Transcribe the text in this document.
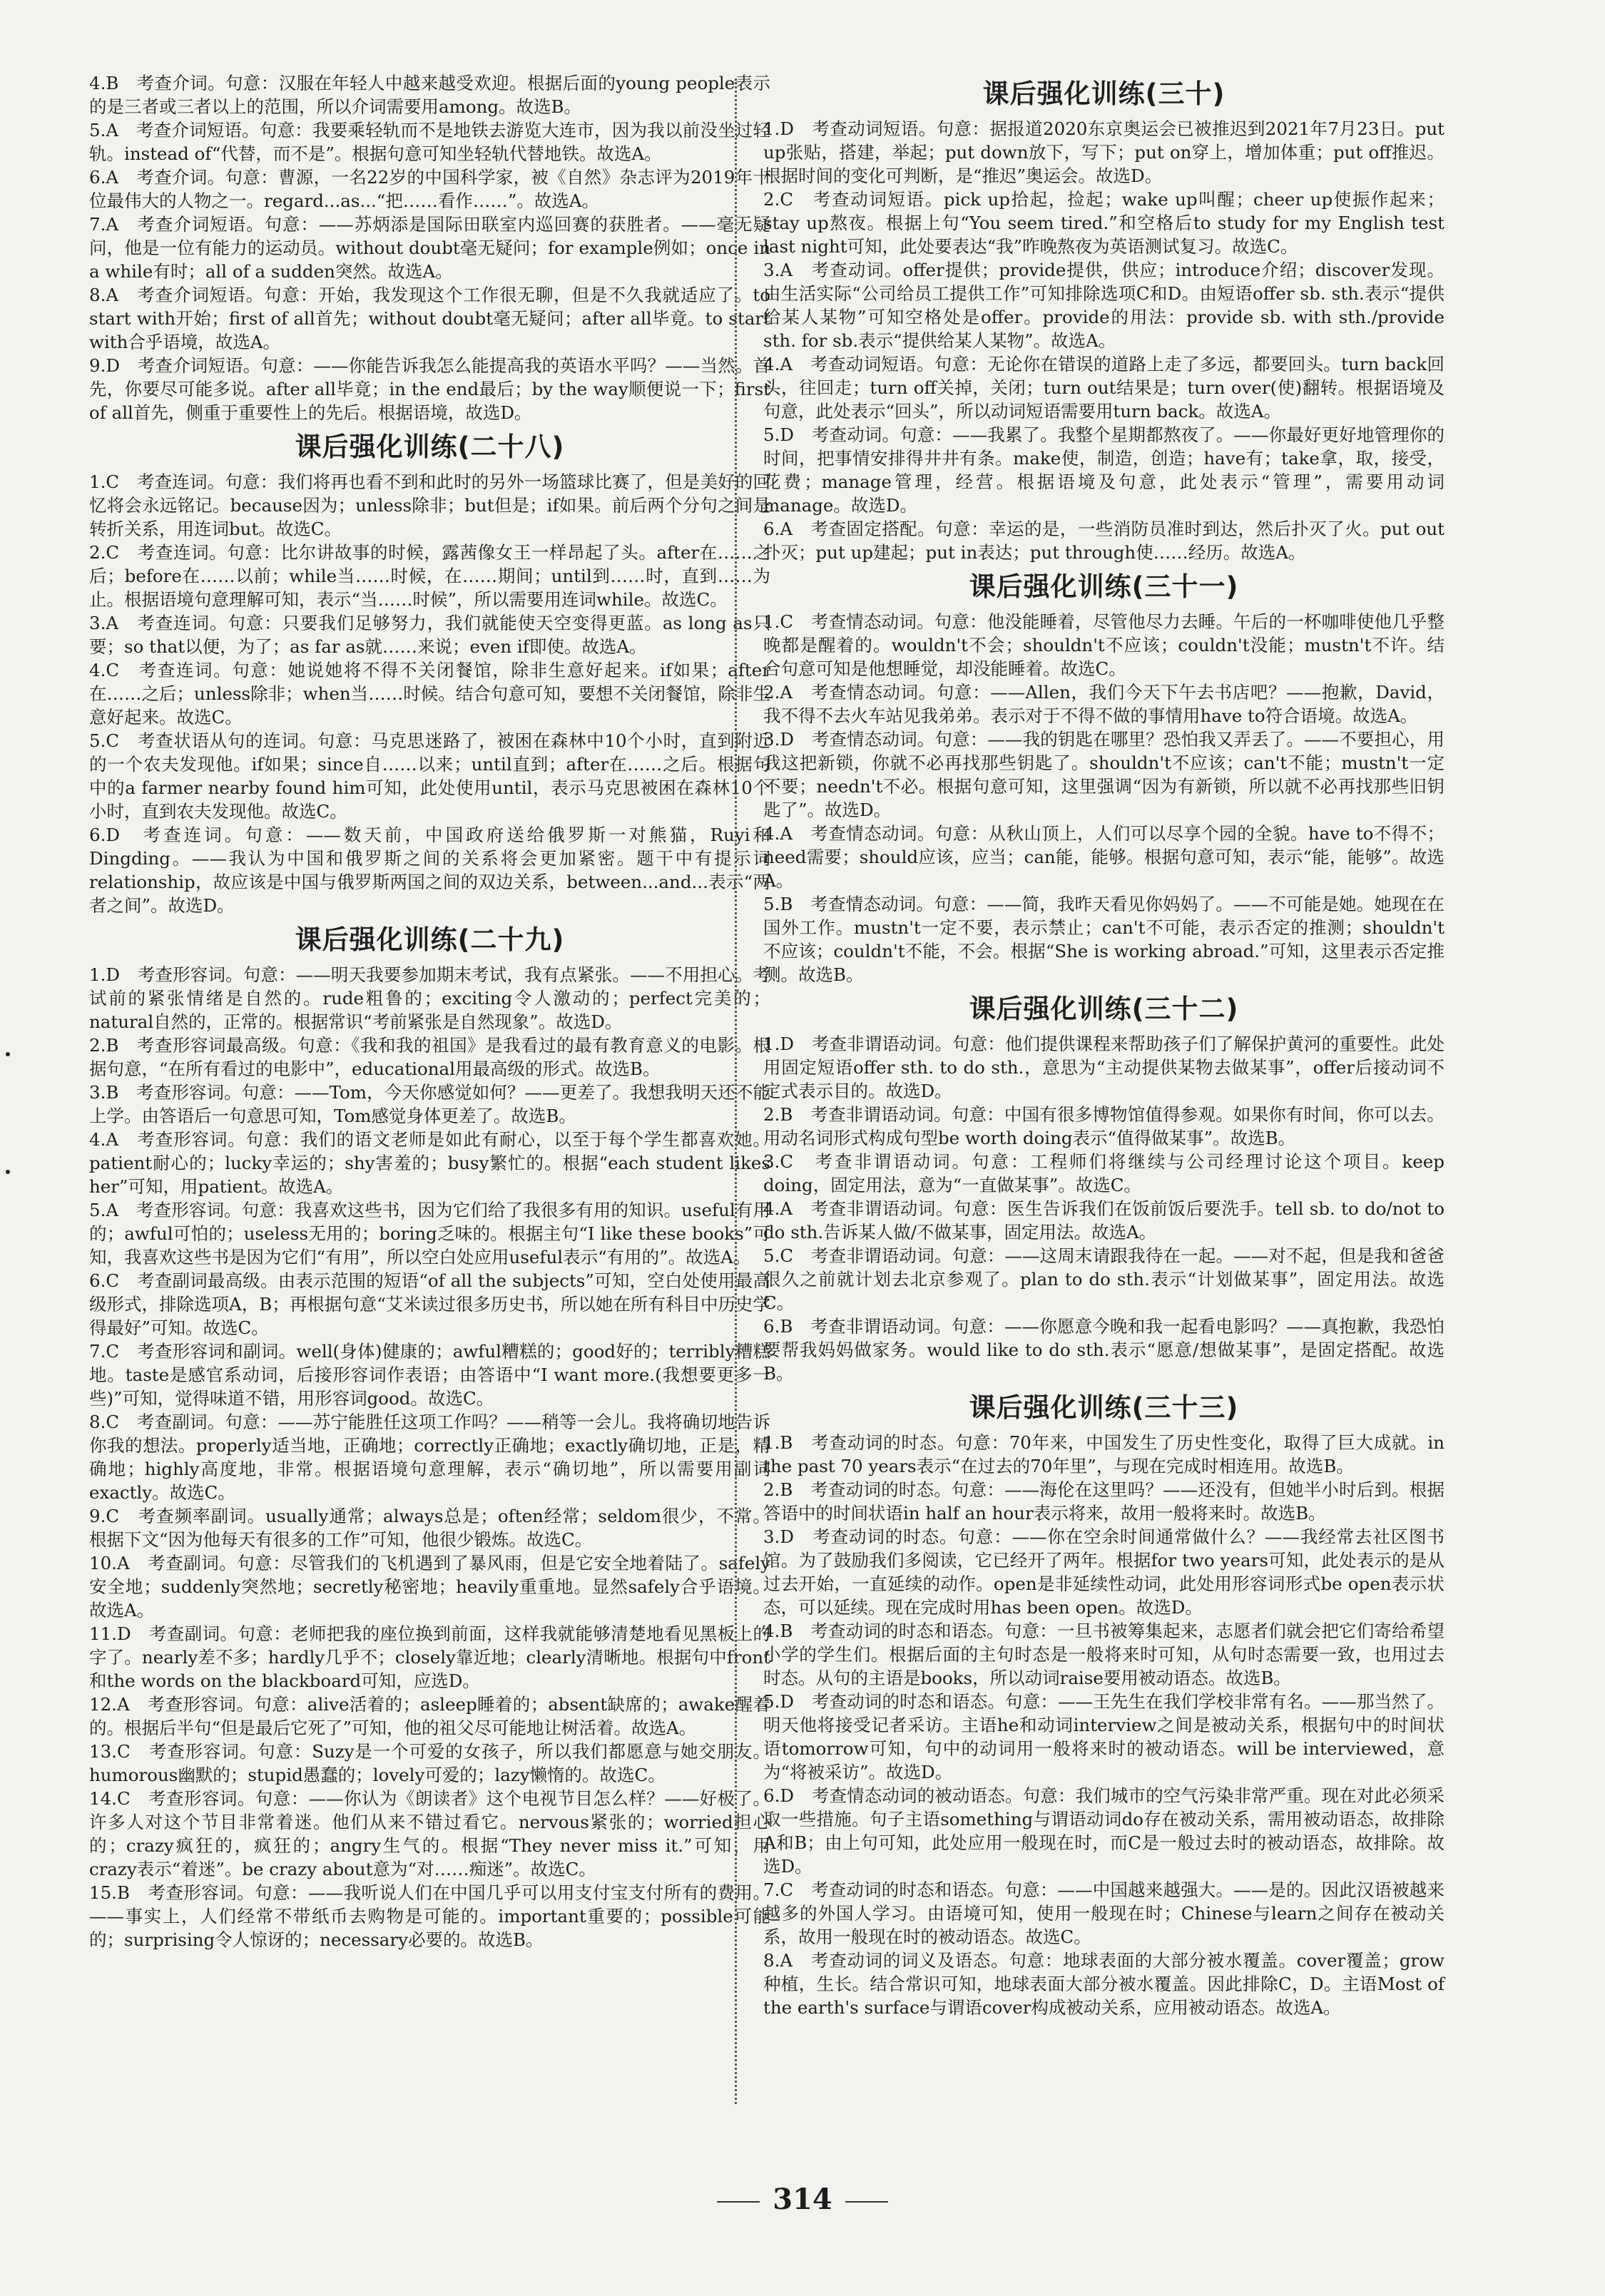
4.B　考查介词。句意：汉服在年轻人中越来越受欢迎。根据后面的young people表示的是三者或三者以上的范围，所以介词需要用among。故选B。
5.A　考查介词短语。句意：我要乘轻轨而不是地铁去游览大连市，因为我以前没坐过轻轨。instead of“代替，而不是”。根据句意可知坐轻轨代替地铁。故选A。
6.A　考查介词。句意：曹源，一名22岁的中国科学家，被《自然》杂志评为2019年十位最伟大的人物之一。regard...as...“把……看作……”。故选A。
7.A　考查介词短语。句意：——苏炳添是国际田联室内巡回赛的获胜者。——毫无疑问，他是一位有能力的运动员。without doubt毫无疑问；for example例如；once in a while有时；all of a sudden突然。故选A。
8.A　考查介词短语。句意：开始，我发现这个工作很无聊，但是不久我就适应了。to start with开始；first of all首先；without doubt毫无疑问；after all毕竟。to start with合乎语境，故选A。
9.D　考查介词短语。句意：——你能告诉我怎么能提高我的英语水平吗？——当然。首先，你要尽可能多说。after all毕竟；in the end最后；by the way顺便说一下；first of all首先，侧重于重要性上的先后。根据语境，故选D。
课后强化训练(二十八)
1.C　考查连词。句意：我们将再也看不到和此时的另外一场篮球比赛了，但是美好的回忆将会永远铭记。because因为；unless除非；but但是；if如果。前后两个分句之间是转折关系，用连词but。故选C。
2.C　考查连词。句意：比尔讲故事的时候，露茜像女王一样昂起了头。after在……之后；before在……以前；while当……时候，在……期间；until到……时，直到……为止。根据语境句意理解可知，表示“当……时候”，所以需要用连词while。故选C。
3.A　考查连词。句意：只要我们足够努力，我们就能使天空变得更蓝。as long as只要；so that以便，为了；as far as就……来说；even if即使。故选A。
4.C　考查连词。句意：她说她将不得不关闭餐馆，除非生意好起来。if如果；after在……之后；unless除非；when当……时候。结合句意可知，要想不关闭餐馆，除非生意好起来。故选C。
5.C　考查状语从句的连词。句意：马克思迷路了，被困在森林中10个小时，直到附近的一个农夫发现他。if如果；since自……以来；until直到；after在……之后。根据句中的a farmer nearby found him可知，此处使用until，表示马克思被困在森林10个小时，直到农夫发现他。故选C。
6.D　考查连词。句意：——数天前，中国政府送给俄罗斯一对熊猫，Ruyi和Dingding。——我认为中国和俄罗斯之间的关系将会更加紧密。题干中有提示词relationship，故应该是中国与俄罗斯两国之间的双边关系，between...and...表示“两者之间”。故选D。
课后强化训练(二十九)
1.D　考查形容词。句意：——明天我要参加期末考试，我有点紧张。——不用担心。考试前的紧张情绪是自然的。rude粗鲁的；exciting令人激动的；perfect完美的；natural自然的，正常的。根据常识“考前紧张是自然现象”。故选D。
2.B　考查形容词最高级。句意：《我和我的祖国》是我看过的最有教育意义的电影。根据句意，“在所有看过的电影中”，educational用最高级的形式。故选B。
3.B　考查形容词。句意：——Tom，今天你感觉如何？——更差了。我想我明天还不能上学。由答语后一句意思可知，Tom感觉身体更差了。故选B。
4.A　考查形容词。句意：我们的语文老师是如此有耐心，以至于每个学生都喜欢她。patient耐心的；lucky幸运的；shy害羞的；busy繁忙的。根据“each student likes her”可知，用patient。故选A。
5.A　考查形容词。句意：我喜欢这些书，因为它们给了我很多有用的知识。useful有用的；awful可怕的；useless无用的；boring乏味的。根据主句“I like these books”可知，我喜欢这些书是因为它们“有用”，所以空白处应用useful表示“有用的”。故选A。
6.C　考查副词最高级。由表示范围的短语“of all the subjects”可知，空白处使用最高级形式，排除选项A，B；再根据句意“艾米读过很多历史书，所以她在所有科目中历史学得最好”可知。故选C。
7.C　考查形容词和副词。well(身体)健康的；awful糟糕的；good好的；terribly糟糕地。taste是感官系动词，后接形容词作表语；由答语中“I want more.(我想要更多一些)”可知，觉得味道不错，用形容词good。故选C。
8.C　考查副词。句意：——苏宁能胜任这项工作吗？——稍等一会儿。我将确切地告诉你我的想法。properly适当地，正确地；correctly正确地；exactly确切地，正是，精确地；highly高度地，非常。根据语境句意理解，表示“确切地”，所以需要用副词exactly。故选C。
9.C　考查频率副词。usually通常；always总是；often经常；seldom很少，不常。根据下文“因为他每天有很多的工作”可知，他很少锻炼。故选C。
10.A　考查副词。句意：尽管我们的飞机遇到了暴风雨，但是它安全地着陆了。safely安全地；suddenly突然地；secretly秘密地；heavily重重地。显然safely合乎语境。故选A。
11.D　考查副词。句意：老师把我的座位换到前面，这样我就能够清楚地看见黑板上的字了。nearly差不多；hardly几乎不；closely靠近地；clearly清晰地。根据句中front和the words on the blackboard可知，应选D。
12.A　考查形容词。句意：alive活着的；asleep睡着的；absent缺席的；awake醒着的。根据后半句“但是最后它死了”可知，他的祖父尽可能地让树活着。故选A。
13.C　考查形容词。句意：Suzy是一个可爱的女孩子，所以我们都愿意与她交朋友。humorous幽默的；stupid愚蠢的；lovely可爱的；lazy懒惰的。故选C。
14.C　考查形容词。句意：——你认为《朗读者》这个电视节目怎么样？——好极了。许多人对这个节目非常着迷。他们从来不错过看它。nervous紧张的；worried担心的；crazy疯狂的，疯狂的；angry生气的。根据“They never miss it.”可知，用crazy表示“着迷”。be crazy about意为“对……痴迷”。故选C。
15.B　考查形容词。句意：——我听说人们在中国几乎可以用支付宝支付所有的费用。——事实上，人们经常不带纸币去购物是可能的。important重要的；possible可能的；surprising令人惊讶的；necessary必要的。故选B。
课后强化训练(三十)
1.D　考查动词短语。句意：据报道2020东京奥运会已被推迟到2021年7月23日。put up张贴，搭建，举起；put down放下，写下；put on穿上，增加体重；put off推迟。根据时间的变化可判断，是“推迟”奥运会。故选D。
2.C　考查动词短语。pick up拾起，捡起；wake up叫醒；cheer up使振作起来；stay up熬夜。根据上句“You seem tired.”和空格后to study for my English test last night可知，此处要表达“我”昨晚熬夜为英语测试复习。故选C。
3.A　考查动词。offer提供；provide提供，供应；introduce介绍；discover发现。由生活实际“公司给员工提供工作”可知排除选项C和D。由短语offer sb. sth.表示“提供给某人某物”可知空格处是offer。provide的用法：provide sb. with sth./provide sth. for sb.表示“提供给某人某物”。故选A。
4.A　考查动词短语。句意：无论你在错误的道路上走了多远，都要回头。turn back回头，往回走；turn off关掉，关闭；turn out结果是；turn over(使)翻转。根据语境及句意，此处表示“回头”，所以动词短语需要用turn back。故选A。
5.D　考查动词。句意：——我累了。我整个星期都熬夜了。——你最好更好地管理你的时间，把事情安排得井井有条。make使，制造，创造；have有；take拿，取，接受，花费；manage管理，经营。根据语境及句意，此处表示“管理”，需要用动词manage。故选D。
6.A　考查固定搭配。句意：幸运的是，一些消防员准时到达，然后扑灭了火。put out扑灭；put up建起；put in表达；put through使……经历。故选A。
课后强化训练(三十一)
1.C　考查情态动词。句意：他没能睡着，尽管他尽力去睡。午后的一杯咖啡使他几乎整晚都是醒着的。wouldn't不会；shouldn't不应该；couldn't没能；mustn't不许。结合句意可知是他想睡觉，却没能睡着。故选C。
2.A　考查情态动词。句意：——Allen，我们今天下午去书店吧？——抱歉，David，我不得不去火车站见我弟弟。表示对于不得不做的事情用have to符合语境。故选A。
3.D　考查情态动词。句意：——我的钥匙在哪里？恐怕我又弄丢了。——不要担心，用我这把新锁，你就不必再找那些钥匙了。shouldn't不应该；can't不能；mustn't一定不要；needn't不必。根据句意可知，这里强调“因为有新锁，所以就不必再找那些旧钥匙了”。故选D。
4.A　考查情态动词。句意：从秋山顶上，人们可以尽享个园的全貌。have to不得不；need需要；should应该，应当；can能，能够。根据句意可知，表示“能，能够”。故选A。
5.B　考查情态动词。句意：——简，我昨天看见你妈妈了。——不可能是她。她现在在国外工作。mustn't一定不要，表示禁止；can't不可能，表示否定的推测；shouldn't不应该；couldn't不能，不会。根据“She is working abroad.”可知，这里表示否定推测。故选B。
课后强化训练(三十二)
1.D　考查非谓语动词。句意：他们提供课程来帮助孩子们了解保护黄河的重要性。此处用固定短语offer sth. to do sth.，意思为“主动提供某物去做某事”，offer后接动词不定式表示目的。故选D。
2.B　考查非谓语动词。句意：中国有很多博物馆值得参观。如果你有时间，你可以去。用动名词形式构成句型be worth doing表示“值得做某事”。故选B。
3.C　考查非谓语动词。句意：工程师们将继续与公司经理讨论这个项目。keep doing，固定用法，意为“一直做某事”。故选C。
4.A　考查非谓语动词。句意：医生告诉我们在饭前饭后要洗手。tell sb. to do/not to do sth.告诉某人做/不做某事，固定用法。故选A。
5.C　考查非谓语动词。句意：——这周末请跟我待在一起。——对不起，但是我和爸爸很久之前就计划去北京参观了。plan to do sth.表示“计划做某事”，固定用法。故选C。
6.B　考查非谓语动词。句意：——你愿意今晚和我一起看电影吗？——真抱歉，我恐怕要帮我妈妈做家务。would like to do sth.表示“愿意/想做某事”，是固定搭配。故选B。
课后强化训练(三十三)
1.B　考查动词的时态。句意：70年来，中国发生了历史性变化，取得了巨大成就。in the past 70 years表示“在过去的70年里”，与现在完成时相连用。故选B。
2.B　考查动词的时态。句意：——海伦在这里吗？——还没有，但她半小时后到。根据答语中的时间状语in half an hour表示将来，故用一般将来时。故选B。
3.D　考查动词的时态。句意：——你在空余时间通常做什么？——我经常去社区图书馆。为了鼓励我们多阅读，它已经开了两年。根据for two years可知，此处表示的是从过去开始，一直延续的动作。open是非延续性动词，此处用形容词形式be open表示状态，可以延续。现在完成时用has been open。故选D。
4.B　考查动词的时态和语态。句意：一旦书被筹集起来，志愿者们就会把它们寄给希望小学的学生们。根据后面的主句时态是一般将来时可知，从句时态需要一致，也用过去时态。从句的主语是books，所以动词raise要用被动语态。故选B。
5.D　考查动词的时态和语态。句意：——王先生在我们学校非常有名。——那当然了。明天他将接受记者采访。主语he和动词interview之间是被动关系，根据句中的时间状语tomorrow可知，句中的动词用一般将来时的被动语态。will be interviewed，意为“将被采访”。故选D。
6.D　考查情态动词的被动语态。句意：我们城市的空气污染非常严重。现在对此必须采取一些措施。句子主语something与谓语动词do存在被动关系，需用被动语态，故排除A和B；由上句可知，此处应用一般现在时，而C是一般过去时的被动语态，故排除。故选D。
7.C　考查动词的时态和语态。句意：——中国越来越强大。——是的。因此汉语被越来越多的外国人学习。由语境可知，使用一般现在时；Chinese与learn之间存在被动关系，故用一般现在时的被动语态。故选C。
8.A　考查动词的词义及语态。句意：地球表面的大部分被水覆盖。cover覆盖；grow种植，生长。结合常识可知，地球表面大部分被水覆盖。因此排除C，D。主语Most of the earth's surface与谓语cover构成被动关系，应用被动语态。故选A。
314
